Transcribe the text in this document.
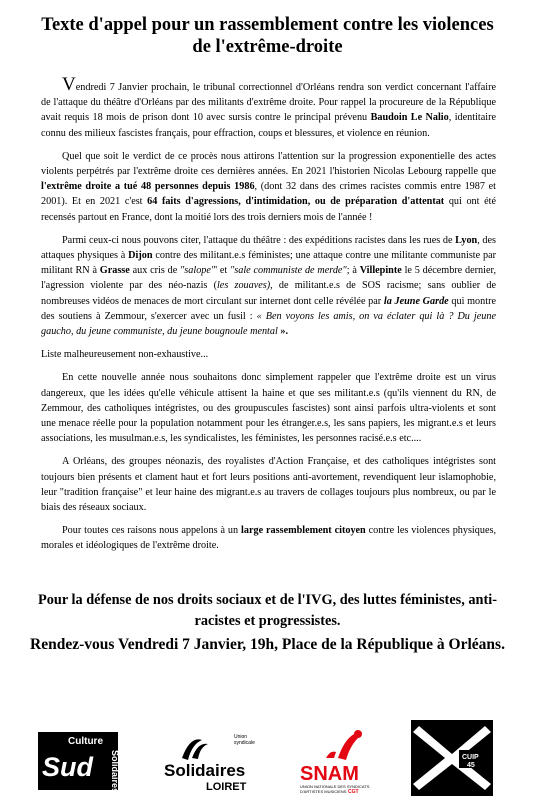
Texte d'appel pour un rassemblement contre les violences de l'extrême-droite

Vendredi 7 Janvier prochain, le tribunal correctionnel d'Orléans rendra son verdict concernant l'affaire de l'attaque du théâtre d'Orléans par des militants d'extrême droite. Pour rappel la procureure de la République avait requis 18 mois de prison dont 10 avec sursis contre le principal prévenu Baudoin Le Nalio, identitaire connu des milieux fascistes français, pour effraction, coups et blessures, et violence en réunion.

Quel que soit le verdict de ce procès nous attirons l'attention sur la progression exponentielle des actes violents perpétrés par l'extrême droite ces dernières années. En 2021 l'historien Nicolas Lebourg rappelle que l'extrême droite a tué 48 personnes depuis 1986, (dont 32 dans des crimes racistes commis entre 1987 et 2001). Et en 2021 c'est 64 faits d'agressions, d'intimidation, ou de préparation d'attentat qui ont été recensés partout en France, dont la moitié lors des trois derniers mois de l'année !

Parmi ceux-ci nous pouvons citer, l'attaque du théâtre : des expéditions racistes dans les rues de Lyon, des attaques physiques à Dijon contre des militant.e.s féministes; une attaque contre une militante communiste par militant RN à Grasse aux cris de "salope"' et "sale communiste de merde"; à Villepinte le 5 décembre dernier, l'agression violente par des néo-nazis (les zouaves), de militant.e.s de SOS racisme; sans oublier de nombreuses vidéos de menaces de mort circulant sur internet dont celle révélée par la Jeune Garde qui montre des soutiens à Zemmour, s'exercer avec un fusil : « Ben voyons les amis, on va éclater qui là ? Du jeune gaucho, du jeune communiste, du jeune bougnoule mental ».

Liste malheureusement non-exhaustive...

En cette nouvelle année nous souhaitons donc simplement rappeler que l'extrême droite est un virus dangereux, que les idées qu'elle véhicule attisent la haine et que ses militant.e.s (qu'ils viennent du RN, de Zemmour, des catholiques intégristes, ou des groupuscules fascistes) sont ainsi parfois ultra-violents et sont une menace réelle pour la population notamment pour les étranger.e.s, les sans papiers, les migrant.e.s et leurs associations, les musulman.e.s, les syndicalistes, les féministes, les personnes racisé.e.s etc....

A Orléans, des groupes néonazis, des royalistes d'Action Française, et des catholiques intégristes sont toujours bien présents et clament haut et fort leurs positions anti-avortement, revendiquent leur islamophobie, leur "tradition française" et leur haine des migrant.e.s au travers de collages toujours plus nombreux, ou par le biais des réseaux sociaux.

Pour toutes ces raisons nous appelons à un large rassemblement citoyen contre les violences physiques, morales et idéologiques de l'extrême droite.

Pour la défense de nos droits sociaux et de l'IVG, des luttes féministes, anti-racistes et progressistes.
Rendez-vous Vendredi 7 Janvier, 19h, Place de la République à Orléans.
Culture
Sud Solidaires
Union
syndicale
Solidaires
LOIRET
SNAM
UNION NATIONALE DES SYNDICATS
D'ARTISTES MUSICIENS CGT
CUIP
45
